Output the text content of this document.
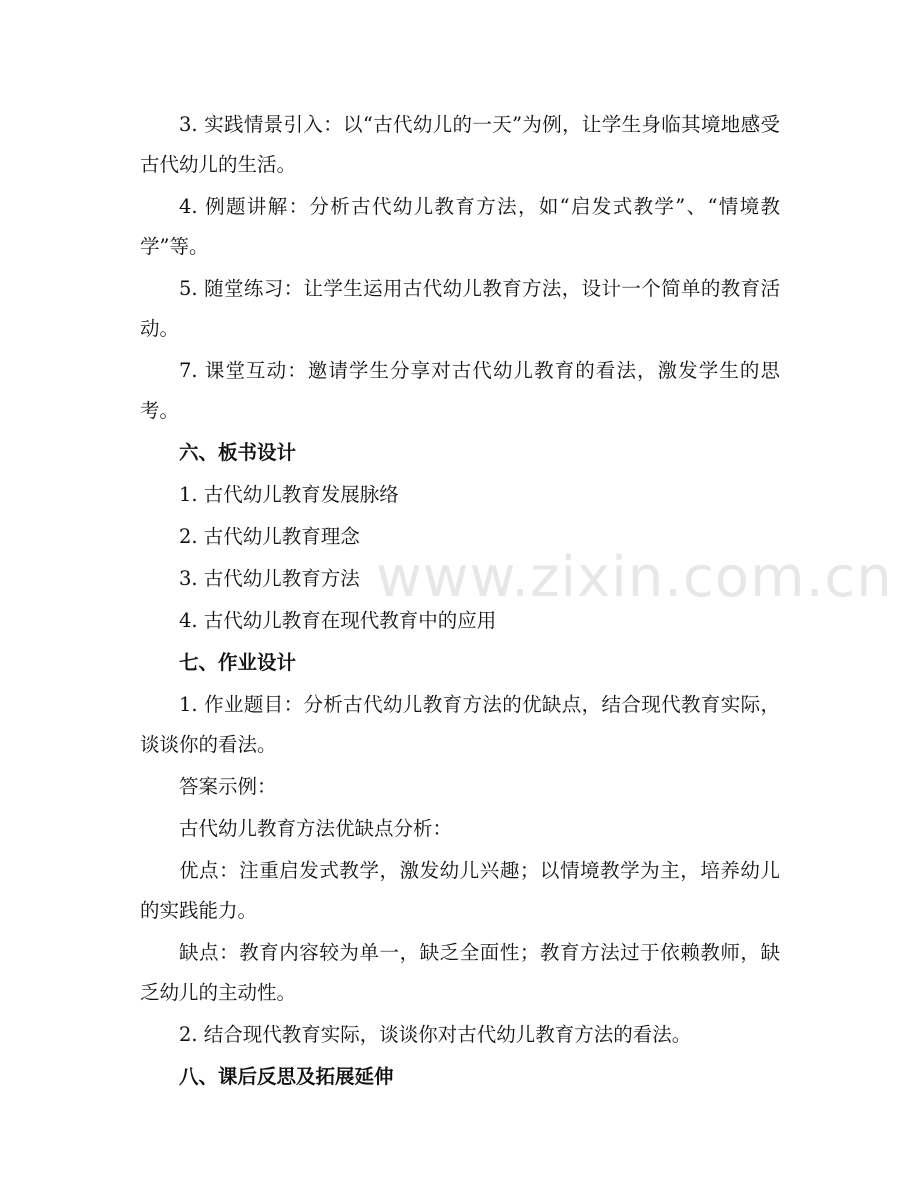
3. 实践情景引入：以“古代幼儿的一天”为例，让学生身临其境地感受古代幼儿的生活。

4. 例题讲解：分析古代幼儿教育方法，如“启发式教学”、“情境教学”等。

5. 随堂练习：让学生运用古代幼儿教育方法，设计一个简单的教育活动。

7. 课堂互动：邀请学生分享对古代幼儿教育的看法，激发学生的思考。

六、板书设计

1. 古代幼儿教育发展脉络

2. 古代幼儿教育理念

3. 古代幼儿教育方法

4. 古代幼儿教育在现代教育中的应用

七、作业设计

1. 作业题目：分析古代幼儿教育方法的优缺点，结合现代教育实际，谈谈你的看法。

答案示例：

古代幼儿教育方法优缺点分析：

优点：注重启发式教学，激发幼儿兴趣；以情境教学为主，培养幼儿的实践能力。

缺点：教育内容较为单一，缺乏全面性；教育方法过于依赖教师，缺乏幼儿的主动性。

2. 结合现代教育实际，谈谈你对古代幼儿教育方法的看法。

八、课后反思及拓展延伸

www.zixin.com.cn
